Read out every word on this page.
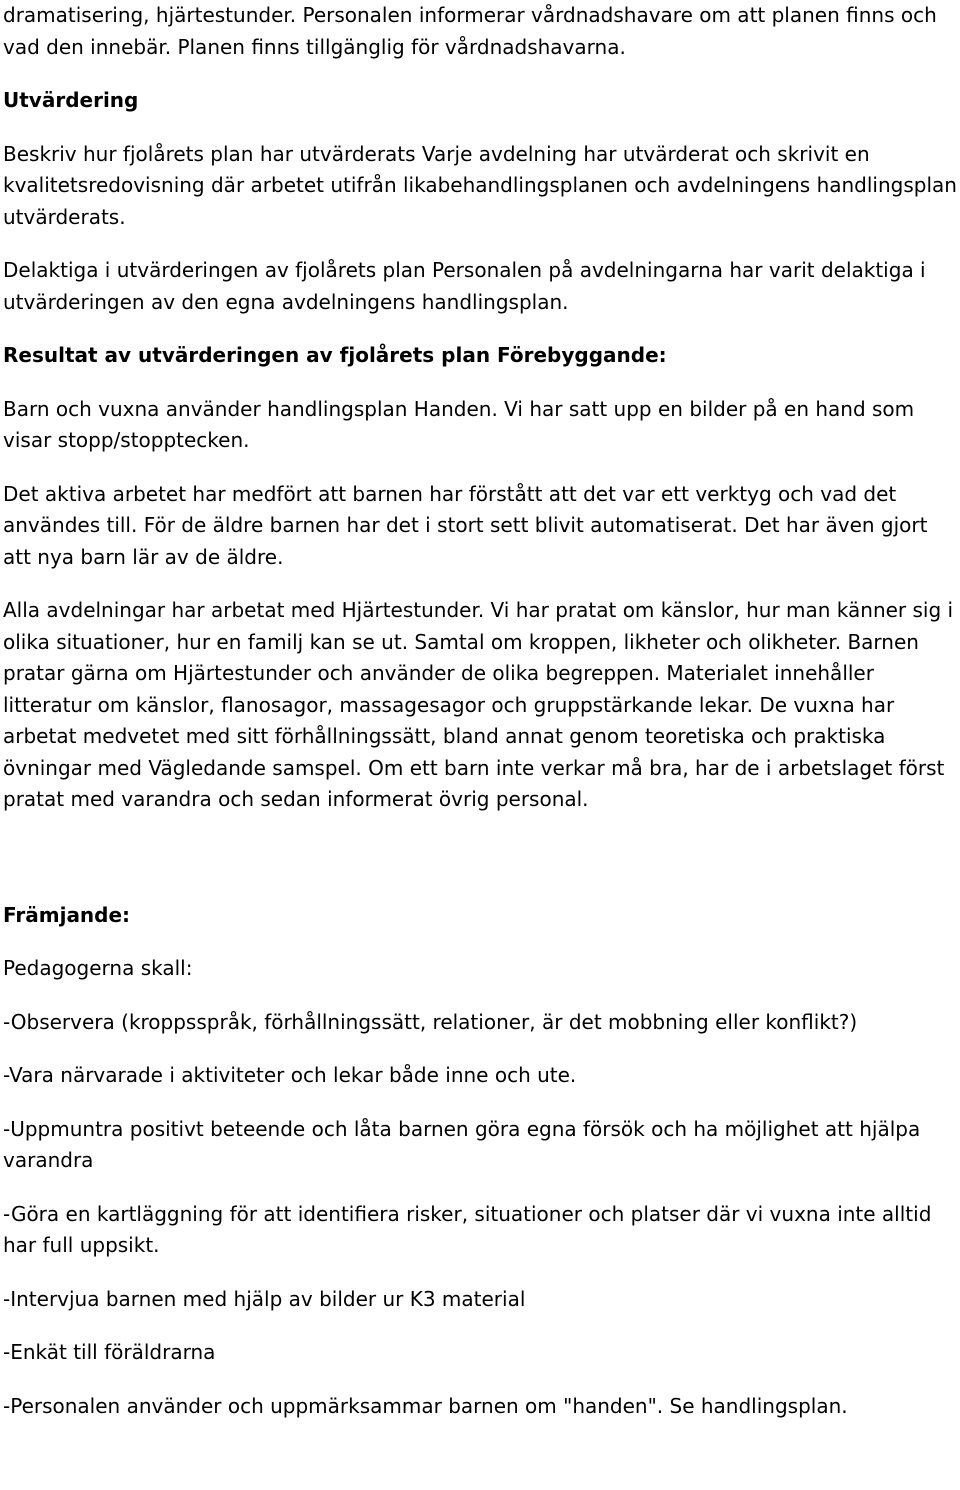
dramatisering, hjärtestunder. Personalen informerar vårdnadshavare om att planen finns och vad den innebär. Planen finns tillgänglig för vårdnadshavarna.

Utvärdering

Beskriv hur fjolårets plan har utvärderats Varje avdelning har utvärderat och skrivit en kvalitetsredovisning där arbetet utifrån likabehandlingsplanen och avdelningens handlingsplan utvärderats.

Delaktiga i utvärderingen av fjolårets plan Personalen på avdelningarna har varit delaktiga i utvärderingen av den egna avdelningens handlingsplan.

Resultat av utvärderingen av fjolårets plan Förebyggande:

Barn och vuxna använder handlingsplan Handen. Vi har satt upp en bilder på en hand som visar stopp/stopptecken.

Det aktiva arbetet har medfört att barnen har förstått att det var ett verktyg och vad det användes till. För de äldre barnen har det i stort sett blivit automatiserat. Det har även gjort att nya barn lär av de äldre.

Alla avdelningar har arbetat med Hjärtestunder. Vi har pratat om känslor, hur man känner sig i olika situationer, hur en familj kan se ut. Samtal om kroppen, likheter och olikheter. Barnen pratar gärna om Hjärtestunder och använder de olika begreppen. Materialet innehåller litteratur om känslor, flanosagor, massagesagor och gruppstärkande lekar. De vuxna har arbetat medvetet med sitt förhållningssätt, bland annat genom teoretiska och praktiska övningar med Vägledande samspel. Om ett barn inte verkar må bra, har de i arbetslaget först pratat med varandra och sedan informerat övrig personal.

Främjande:

Pedagogerna skall:

-Observera (kroppsspråk, förhållningssätt, relationer, är det mobbning eller konflikt?)

-Vara närvarade i aktiviteter och lekar både inne och ute.

-Uppmuntra positivt beteende och låta barnen göra egna försök och ha möjlighet att hjälpa varandra

-Göra en kartläggning för att identifiera risker, situationer och platser där vi vuxna inte alltid har full uppsikt.

-Intervjua barnen med hjälp av bilder ur K3 material

-Enkät till föräldrarna

-Personalen använder och uppmärksammar barnen om "handen". Se handlingsplan.
